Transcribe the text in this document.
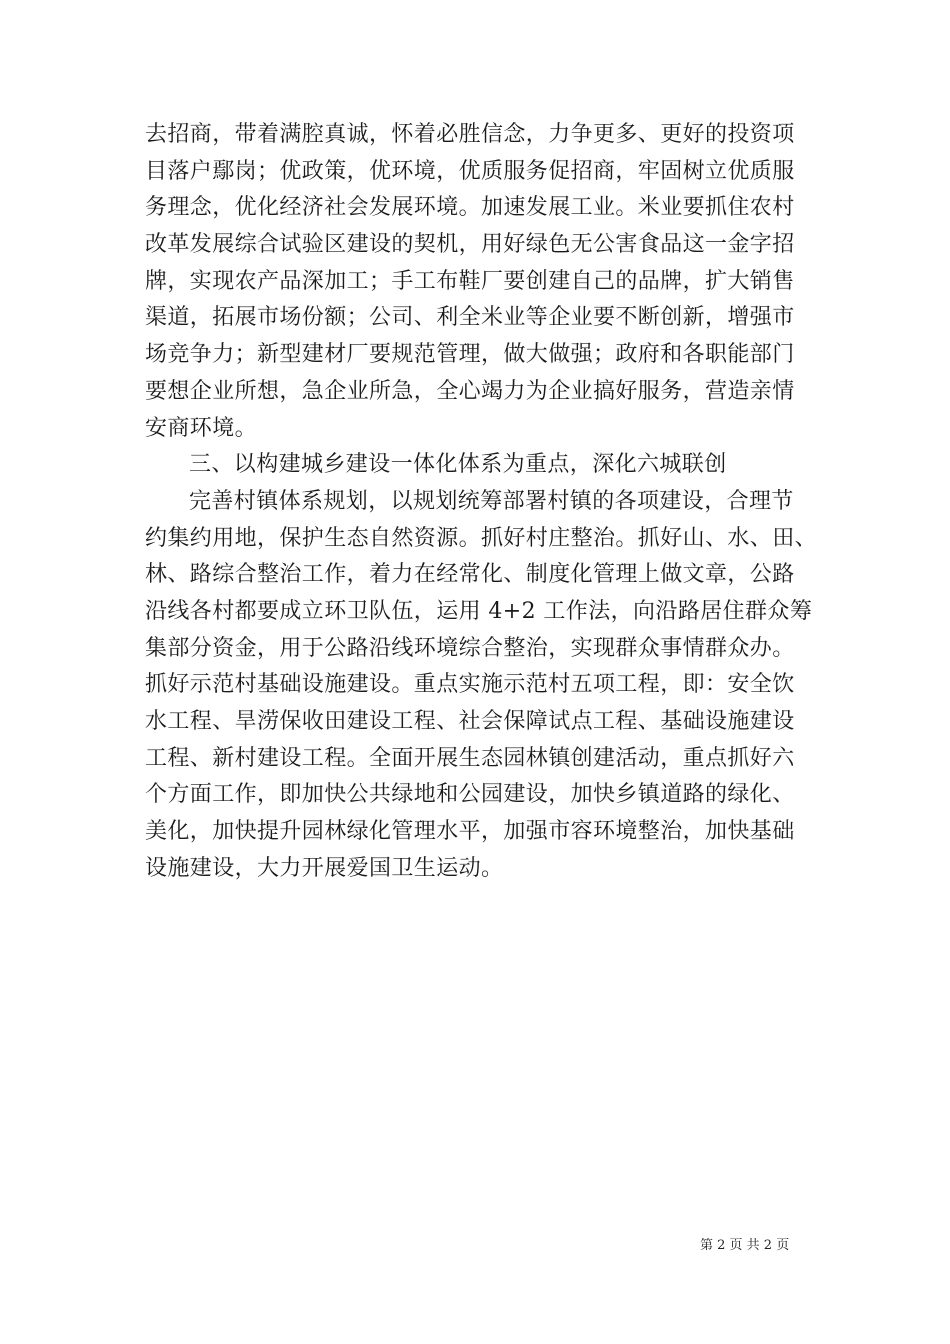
去招商，带着满腔真诚，怀着必胜信念，力争更多、更好的投资项
目落户鄢岗；优政策，优环境，优质服务促招商，牢固树立优质服
务理念，优化经济社会发展环境。加速发展工业。米业要抓住农村
改革发展综合试验区建设的契机，用好绿色无公害食品这一金字招
牌，实现农产品深加工；手工布鞋厂要创建自己的品牌，扩大销售
渠道，拓展市场份额；公司、利全米业等企业要不断创新，增强市
场竞争力；新型建材厂要规范管理，做大做强；政府和各职能部门
要想企业所想，急企业所急，全心竭力为企业搞好服务，营造亲情
安商环境。
三、以构建城乡建设一体化体系为重点，深化六城联创
完善村镇体系规划，以规划统筹部署村镇的各项建设，合理节
约集约用地，保护生态自然资源。抓好村庄整治。抓好山、水、田、
林、路综合整治工作，着力在经常化、制度化管理上做文章，公路
沿线各村都要成立环卫队伍，运用 4+2 工作法，向沿路居住群众筹
集部分资金，用于公路沿线环境综合整治，实现群众事情群众办。
抓好示范村基础设施建设。重点实施示范村五项工程，即：安全饮
水工程、旱涝保收田建设工程、社会保障试点工程、基础设施建设
工程、新村建设工程。全面开展生态园林镇创建活动，重点抓好六
个方面工作，即加快公共绿地和公园建设，加快乡镇道路的绿化、
美化，加快提升园林绿化管理水平，加强市容环境整治，加快基础
设施建设，大力开展爱国卫生运动。
第 2 页 共 2 页
